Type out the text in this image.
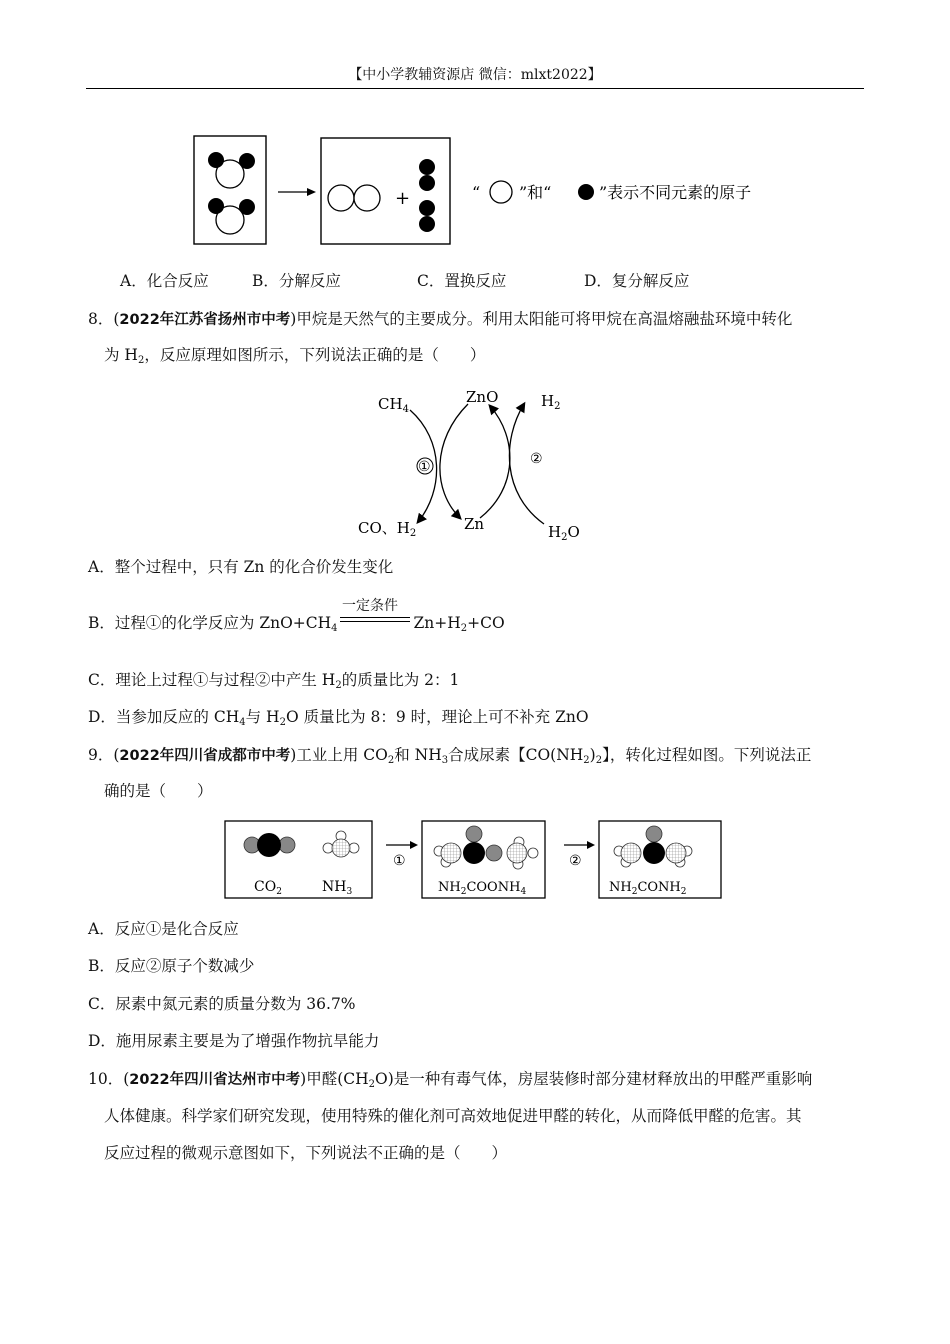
【中小学教辅资源店 微信：mlxt2022】
+	“ ”和“	”表示不同元素的原子
A．化合反应	B．分解反应	C．置换反应	D．复分解反应
8．(2022年江苏省扬州市中考)甲烷是天然气的主要成分。利用太阳能可将甲烷在高温熔融盐环境中转化
为 $H_2$，反应原理如图所示，下列说法正确的是（　　）
$CH_4$
ZnO	$H_2$
①	②
CO、$H_2$
Zn	$H_2O$
A．整个过程中，只有 Zn 的化合价发生变化
B．过程①的化学反应为 $ZnO+CH_4$	$Zn+H_2+CO$
一定条件
C．理论上过程①与过程②中产生 $H_2$的质量比为 2：1
D．当参加反应的 $CH_4$与 $H_2O$ 质量比为 8：9 时，理论上可不补充 ZnO
9．(2022年四川省成都市中考)工业上用 $CO_2$和 $NH_3$合成尿素【$CO(NH_2)_2$】，转化过程如图。下列说法正
确的是（　　）
$CO_2$	$NH_3$
①
$NH_2COONH_4$
②
$NH_2CONH_2$
A．反应①是化合反应
B．反应②原子个数减少
C．尿素中氮元素的质量分数为 36.7%
D．施用尿素主要是为了增强作物抗旱能力
10．(2022年四川省达州市中考)甲醛$(CH_2O)$是一种有毒气体，房屋装修时部分建材释放出的甲醛严重影响
人体健康。科学家们研究发现，使用特殊的催化剂可高效地促进甲醛的转化，从而降低甲醛的危害。其
反应过程的微观示意图如下，下列说法不正确的是（　　）
